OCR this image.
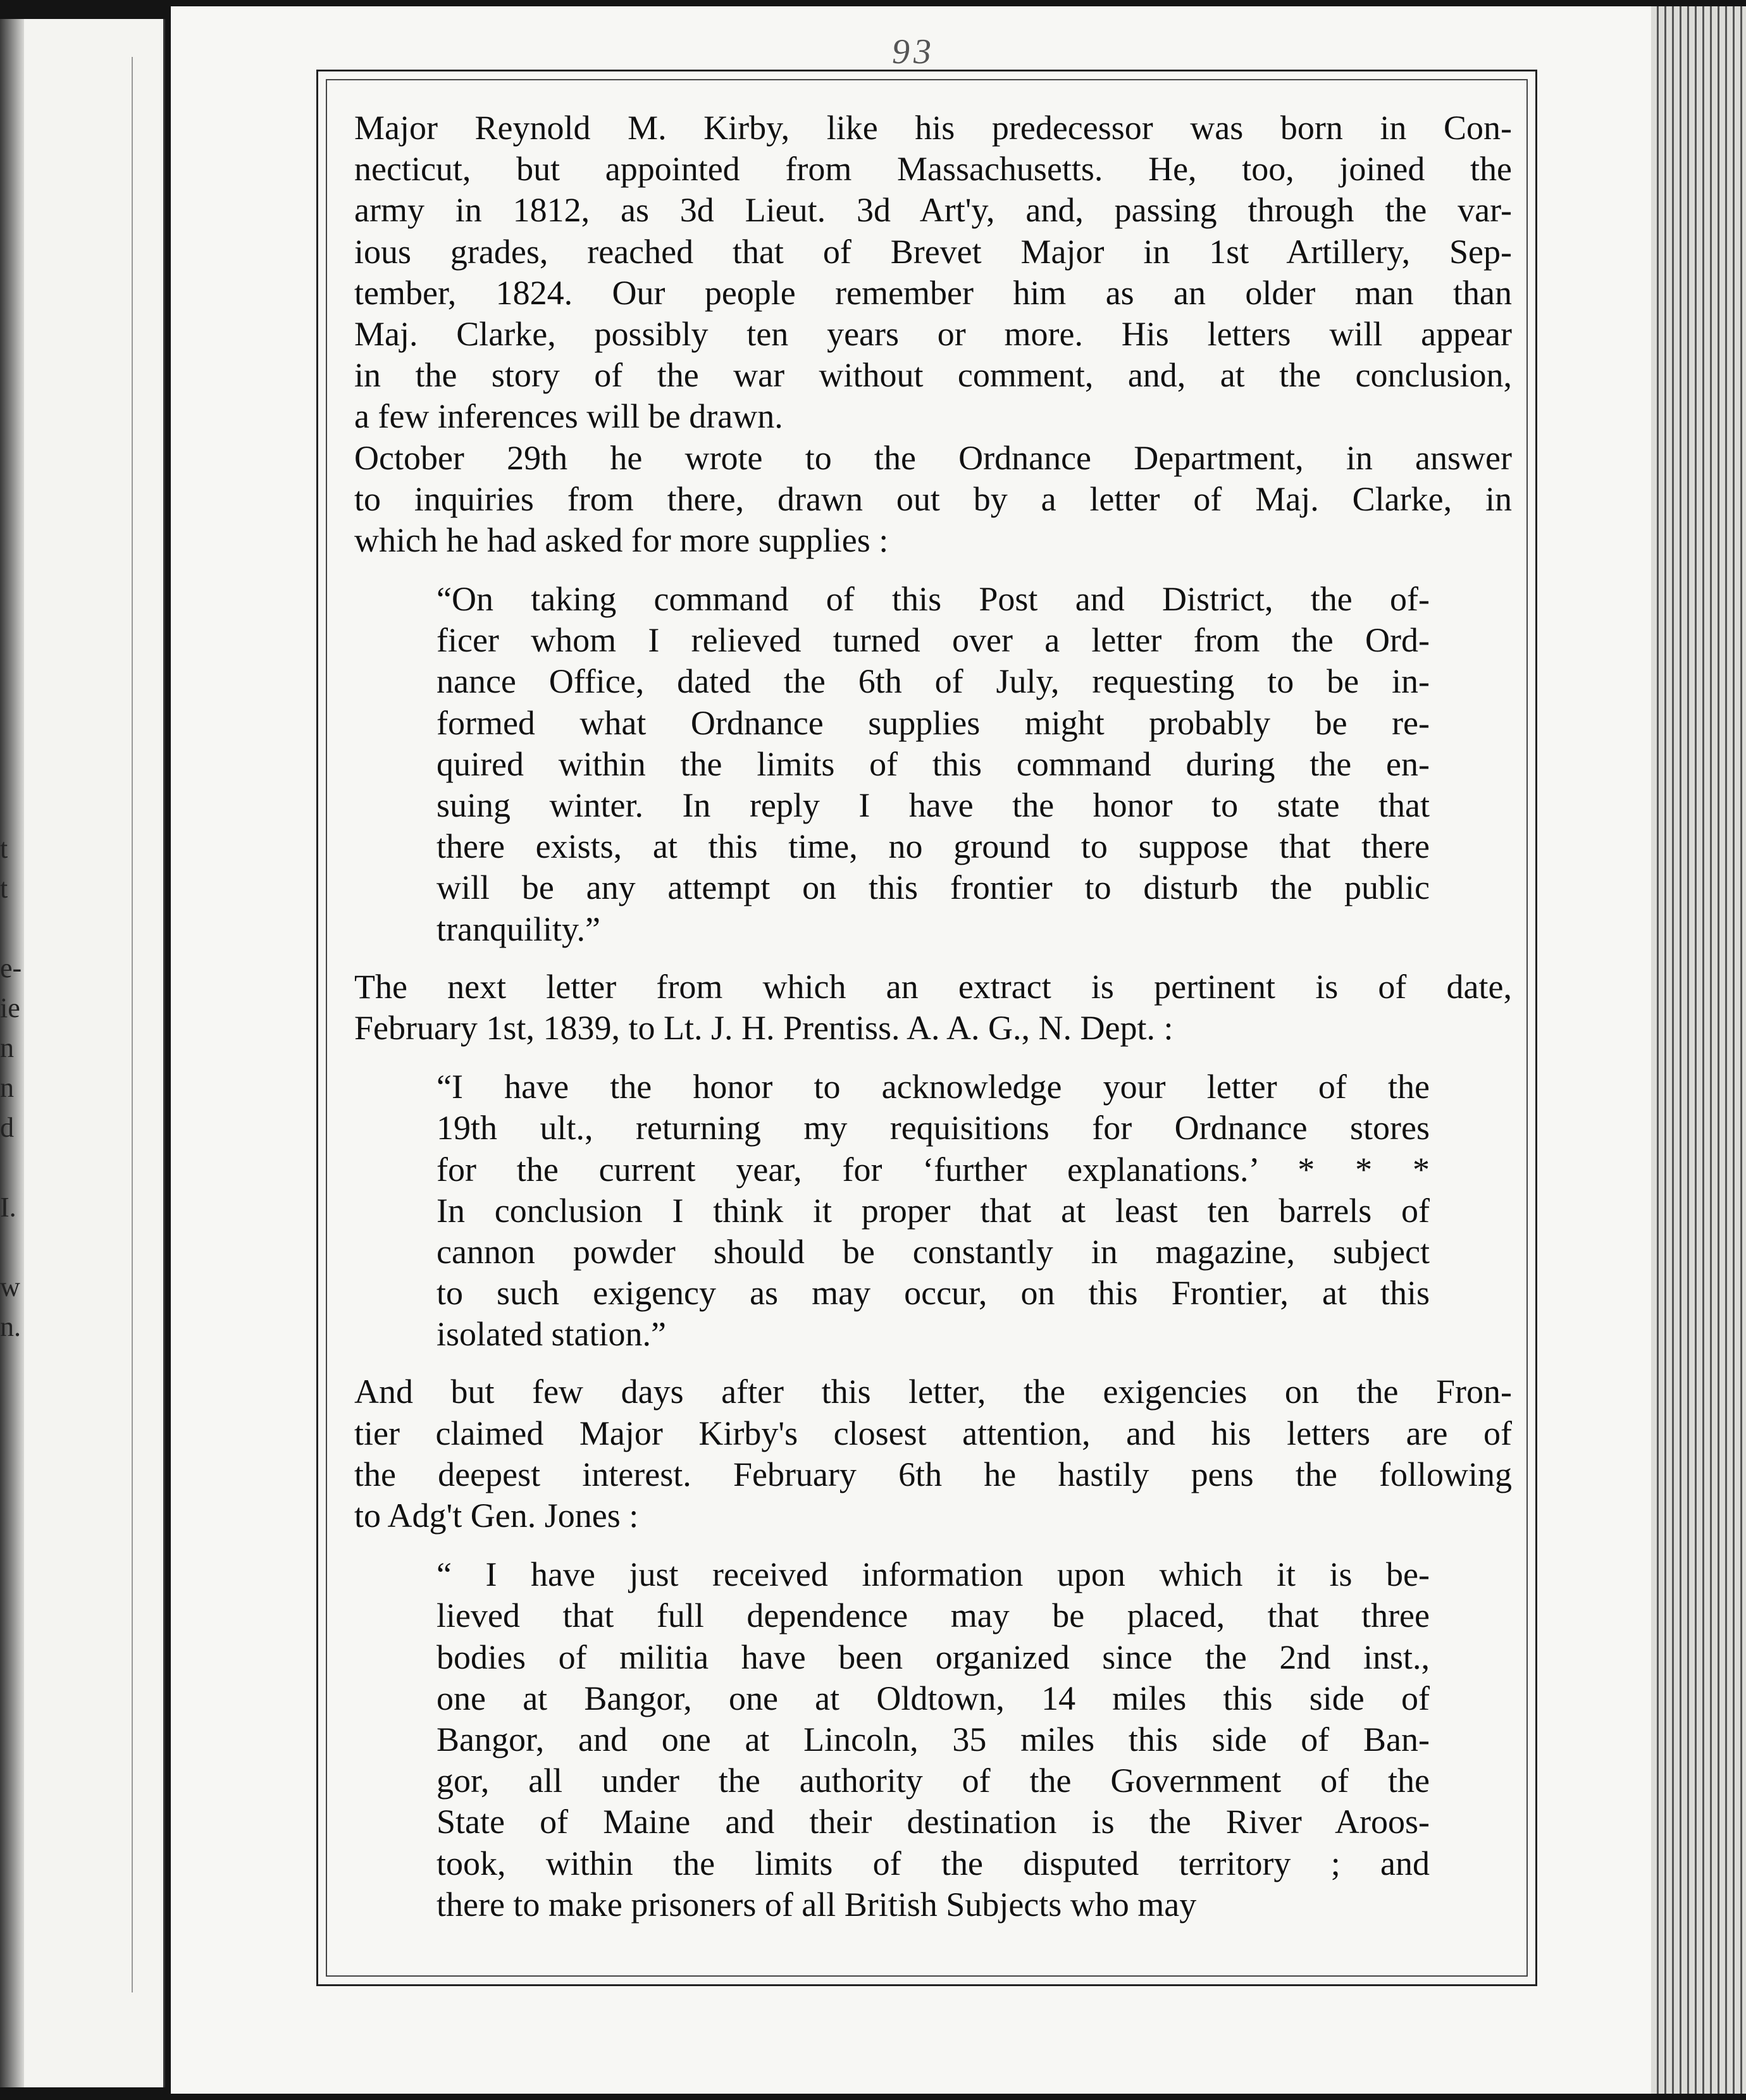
t
t
e-
ie
n
n
d
I.
w
n.
93
Major Reynold M. Kirby, like his predecessor was born in Con-
necticut, but appointed from Massachusetts. He, too, joined the
army in 1812, as 3d Lieut. 3d Art'y, and, passing through the var-
ious grades, reached that of Brevet Major in 1st Artillery, Sep-
tember, 1824. Our people remember him as an older man than
Maj. Clarke, possibly ten years or more. His letters will appear
in the story of the war without comment, and, at the conclusion,
a few inferences will be drawn.
October 29th he wrote to the Ordnance Department, in answer
to inquiries from there, drawn out by a letter of Maj. Clarke, in
which he had asked for more supplies :
“On taking command of this Post and District, the of-
ficer whom I relieved turned over a letter from the Ord-
nance Office, dated the 6th of July, requesting to be in-
formed what Ordnance supplies might probably be re-
quired within the limits of this command during the en-
suing winter. In reply I have the honor to state that
there exists, at this time, no ground to suppose that there
will be any attempt on this frontier to disturb the public
tranquility.”
The next letter from which an extract is pertinent is of date,
February 1st, 1839, to Lt. J. H. Prentiss. A. A. G., N. Dept. :
“I have the honor to acknowledge your letter of the
19th ult., returning my requisitions for Ordnance stores
for the current year, for ‘further explanations.’ * * *
In conclusion I think it proper that at least ten barrels of
cannon powder should be constantly in magazine, subject
to such exigency as may occur, on this Frontier, at this
isolated station.”
And but few days after this letter, the exigencies on the Fron-
tier claimed Major Kirby's closest attention, and his letters are of
the deepest interest. February 6th he hastily pens the following
to Adg't Gen. Jones :
“ I have just received information upon which it is be-
lieved that full dependence may be placed, that three
bodies of militia have been organized since the 2nd inst.,
one at Bangor, one at Oldtown, 14 miles this side of
Bangor, and one at Lincoln, 35 miles this side of Ban-
gor, all under the authority of the Government of the
State of Maine and their destination is the River Aroos-
took, within the limits of the disputed territory ; and
there to make prisoners of all British Subjects who may
